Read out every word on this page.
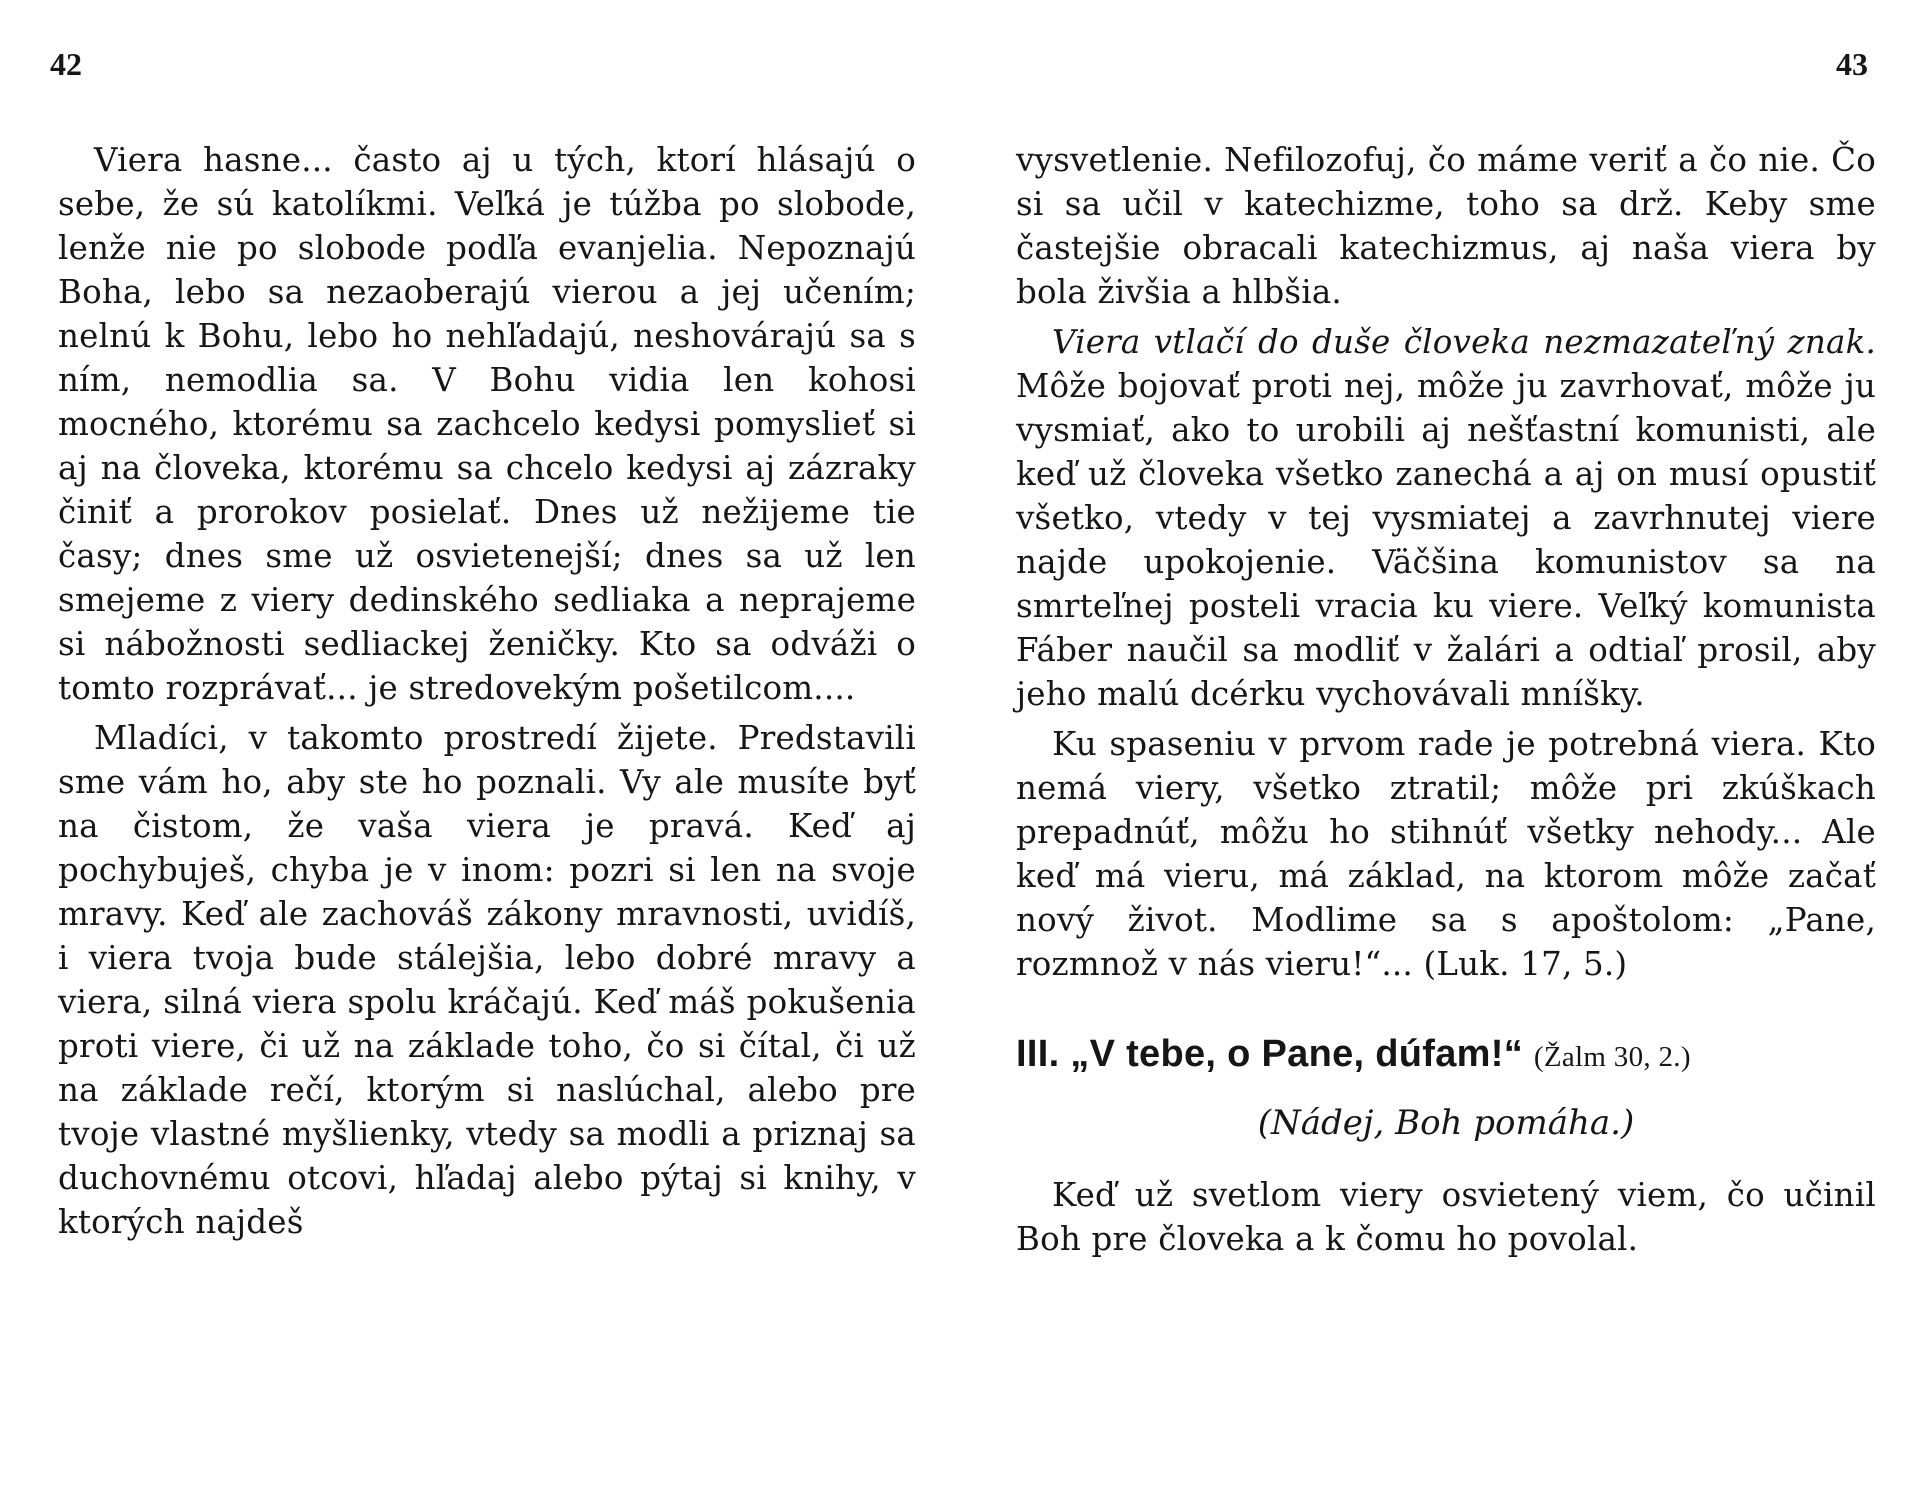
42	43

Viera hasne... často aj u tých, ktorí hlásajú o sebe, že sú katolíkmi. Veľká je túžba po slobode, lenže nie po slobode podľa evanjelia. Nepoznajú Boha, lebo sa nezaoberajú vierou a jej učením; nelnú k Bohu, lebo ho nehľadajú, neshovárajú sa s ním, nemodlia sa. V Bohu vidia len kohosi mocného, ktorému sa zachcelo kedysi pomyslieť si aj na človeka, ktorému sa chcelo kedysi aj zázraky činiť a prorokov posielať. Dnes už nežijeme tie časy; dnes sme už osvietenejší; dnes sa už len smejeme z viery dedinského sedliaka a neprajeme si nábožnosti sedliackej ženičky. Kto sa odváži o tomto rozprávať... je stredovekým pošetilcom....

Mladíci, v takomto prostredí žijete. Predstavili sme vám ho, aby ste ho poznali. Vy ale musíte byť na čistom, že vaša viera je pravá. Keď aj pochybuješ, chyba je v inom: pozri si len na svoje mravy. Keď ale zachováš zákony mravnosti, uvidíš, i viera tvoja bude stálejšia, lebo dobré mravy a viera, silná viera spolu kráčajú. Keď máš pokušenia proti viere, či už na základe toho, čo si čítal, či už na základe rečí, ktorým si naslúchal, alebo pre tvoje vlastné myšlienky, vtedy sa modli a priznaj sa duchovnému otcovi, hľadaj alebo pýtaj si knihy, v ktorých najdeš

vysvetlenie. Nefilozofuj, čo máme veriť a čo nie. Čo si sa učil v katechizme, toho sa drž. Keby sme častejšie obracali katechizmus, aj naša viera by bola živšia a hlbšia.

Viera vtlačí do duše človeka nezmazateľný znak. Môže bojovať proti nej, môže ju zavrhovať, môže ju vysmiať, ako to urobili aj nešťastní komunisti, ale keď už človeka všetko zanechá a aj on musí opustiť všetko, vtedy v tej vysmiatej a zavrhnutej viere najde upokojenie. Väčšina komunistov sa na smrteľnej posteli vracia ku viere. Veľký komunista Fáber naučil sa modliť v žalári a odtiaľ prosil, aby jeho malú dcérku vychovávali mníšky.

Ku spaseniu v prvom rade je potrebná viera. Kto nemá viery, všetko ztratil; môže pri zkúškach prepadnúť, môžu ho stihnúť všetky nehody... Ale keď má vieru, má základ, na ktorom môže začať nový život. Modlime sa s apoštolom: „Pane, rozmnož v nás vieru!“... (Luk. 17, 5.)

III. „V tebe, o Pane, dúfam!“ (Žalm 30, 2.)
(Nádej, Boh pomáha.)

Keď už svetlom viery osvietený viem, čo učinil Boh pre človeka a k čomu ho povolal.
